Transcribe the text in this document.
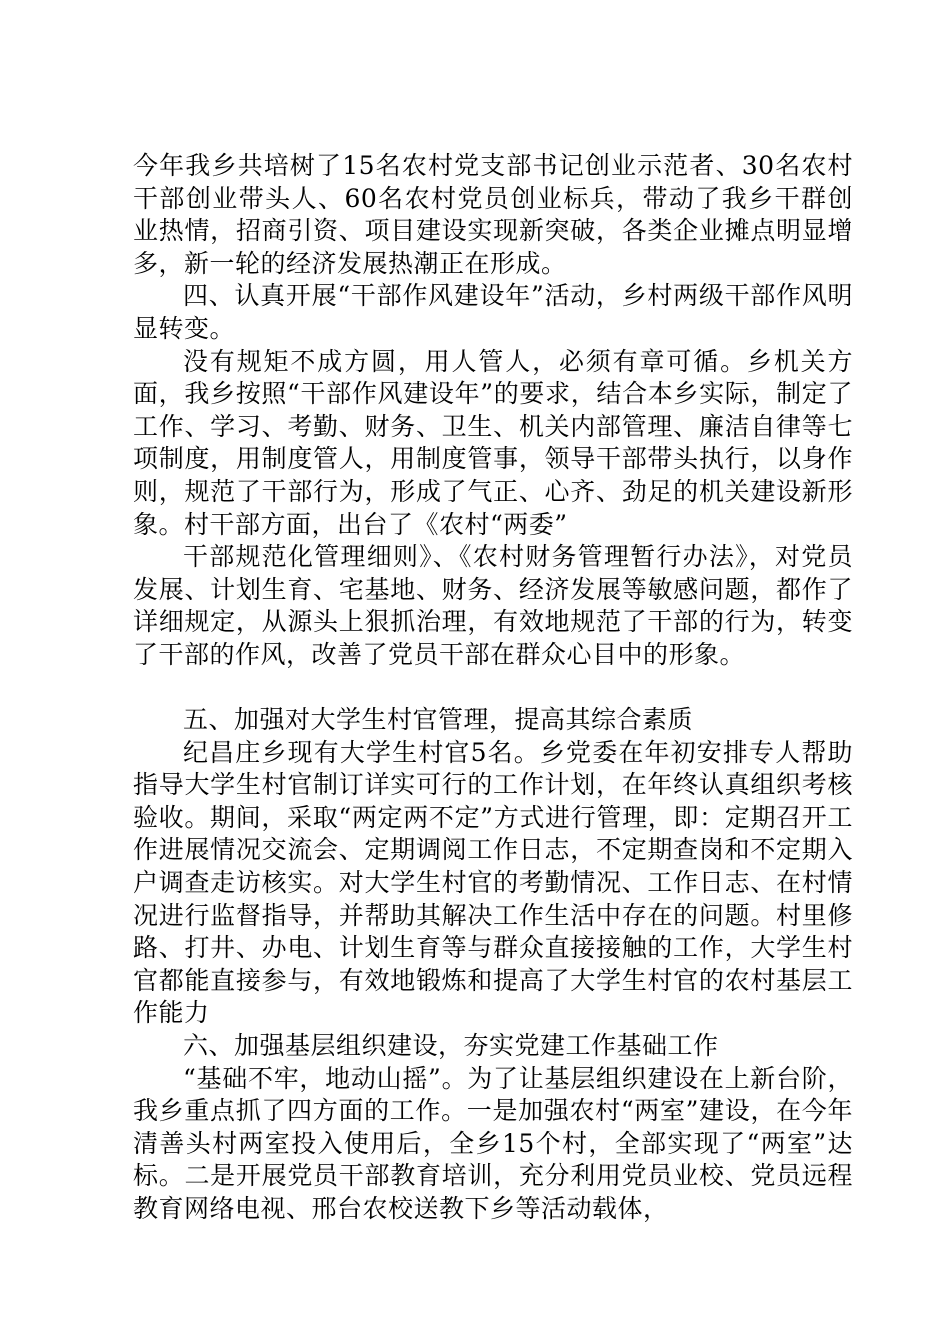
今年我乡共培树了15名农村党支部书记创业示范者、30名农村干部创业带头人、60名农村党员创业标兵，带动了我乡干群创业热情，招商引资、项目建设实现新突破，各类企业摊点明显增多，新一轮的经济发展热潮正在形成。

四、认真开展“干部作风建设年”活动，乡村两级干部作风明显转变。

没有规矩不成方圆，用人管人，必须有章可循。乡机关方面，我乡按照“干部作风建设年”的要求，结合本乡实际，制定了工作、学习、考勤、财务、卫生、机关内部管理、廉洁自律等七项制度，用制度管人，用制度管事，领导干部带头执行，以身作则，规范了干部行为，形成了气正、心齐、劲足的机关建设新形象。村干部方面，出台了《农村“两委”

干部规范化管理细则》、《农村财务管理暂行办法》，对党员发展、计划生育、宅基地、财务、经济发展等敏感问题，都作了详细规定，从源头上狠抓治理，有效地规范了干部的行为，转变了干部的作风，改善了党员干部在群众心目中的形象。

五、加强对大学生村官管理，提高其综合素质

纪昌庄乡现有大学生村官5名。乡党委在年初安排专人帮助指导大学生村官制订详实可行的工作计划，在年终认真组织考核验收。期间，采取“两定两不定”方式进行管理，即：定期召开工作进展情况交流会、定期调阅工作日志，不定期查岗和不定期入户调查走访核实。对大学生村官的考勤情况、工作日志、在村情况进行监督指导，并帮助其解决工作生活中存在的问题。村里修路、打井、办电、计划生育等与群众直接接触的工作，大学生村官都能直接参与，有效地锻炼和提高了大学生村官的农村基层工作能力

六、加强基层组织建设，夯实党建工作基础工作

“基础不牢，地动山摇”。为了让基层组织建设在上新台阶，我乡重点抓了四方面的工作。一是加强农村“两室”建设，在今年清善头村两室投入使用后，全乡15个村，全部实现了“两室”达标。二是开展党员干部教育培训，充分利用党员业校、党员远程教育网络电视、邢台农校送教下乡等活动载体，
